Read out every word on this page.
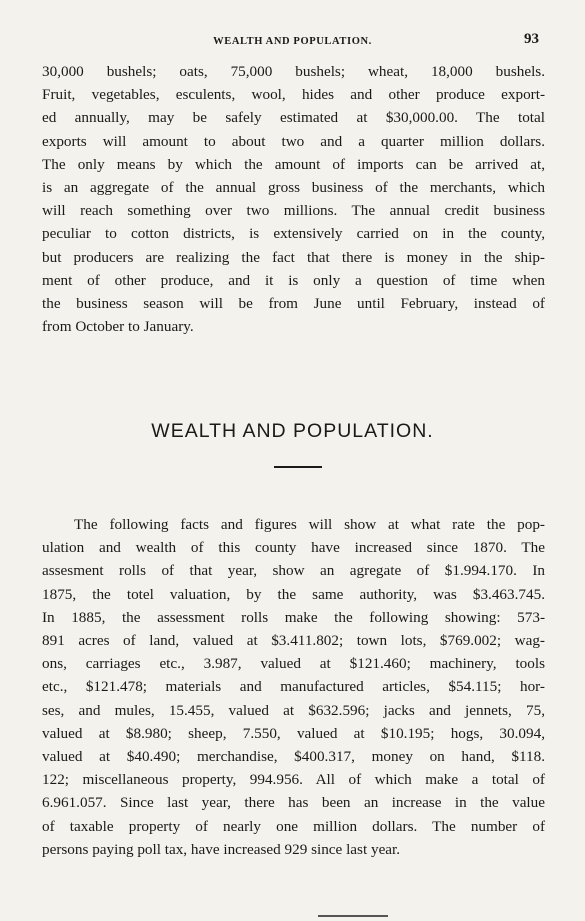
WEALTH AND POPULATION.	93

30,000 bushels; oats, 75,000 bushels; wheat, 18,000 bushels.
Fruit, vegetables, esculents, wool, hides and other produce export-
ed annually, may be safely estimated at $30,000.00. The total
exports will amount to about two and a quarter million dollars.
The only means by which the amount of imports can be arrived at,
is an aggregate of the annual gross business of the merchants, which
will reach something over two millions. The annual credit business
peculiar to cotton districts, is extensively carried on in the county,
but producers are realizing the fact that there is money in the ship-
ment of other produce, and it is only a question of time when
the business season will be from June until February, instead of
from October to January.

WEALTH AND POPULATION.

The following facts and figures will show at what rate the pop-
ulation and wealth of this county have increased since 1870. The
assesment rolls of that year, show an agregate of $1.994.170. In
1875, the totel valuation, by the same authority, was $3.463.745.
In 1885, the assessment rolls make the following showing: 573-
891 acres of land, valued at $3.411.802; town lots, $769.002; wag-
ons, carriages etc., 3.987, valued at $121.460; machinery, tools
etc., $121.478; materials and manufactured articles, $54.115; hor-
ses, and mules, 15.455, valued at $632.596; jacks and jennets, 75,
valued at $8.980; sheep, 7.550, valued at $10.195; hogs, 30.094,
valued at $40.490; merchandise, $400.317, money on hand, $118.
122; miscellaneous property, 994.956. All of which make a total of
6.961.057. Since last year, there has been an increase in the value
of taxable property of nearly one million dollars. The number of
persons paying poll tax, have increased 929 since last year.
